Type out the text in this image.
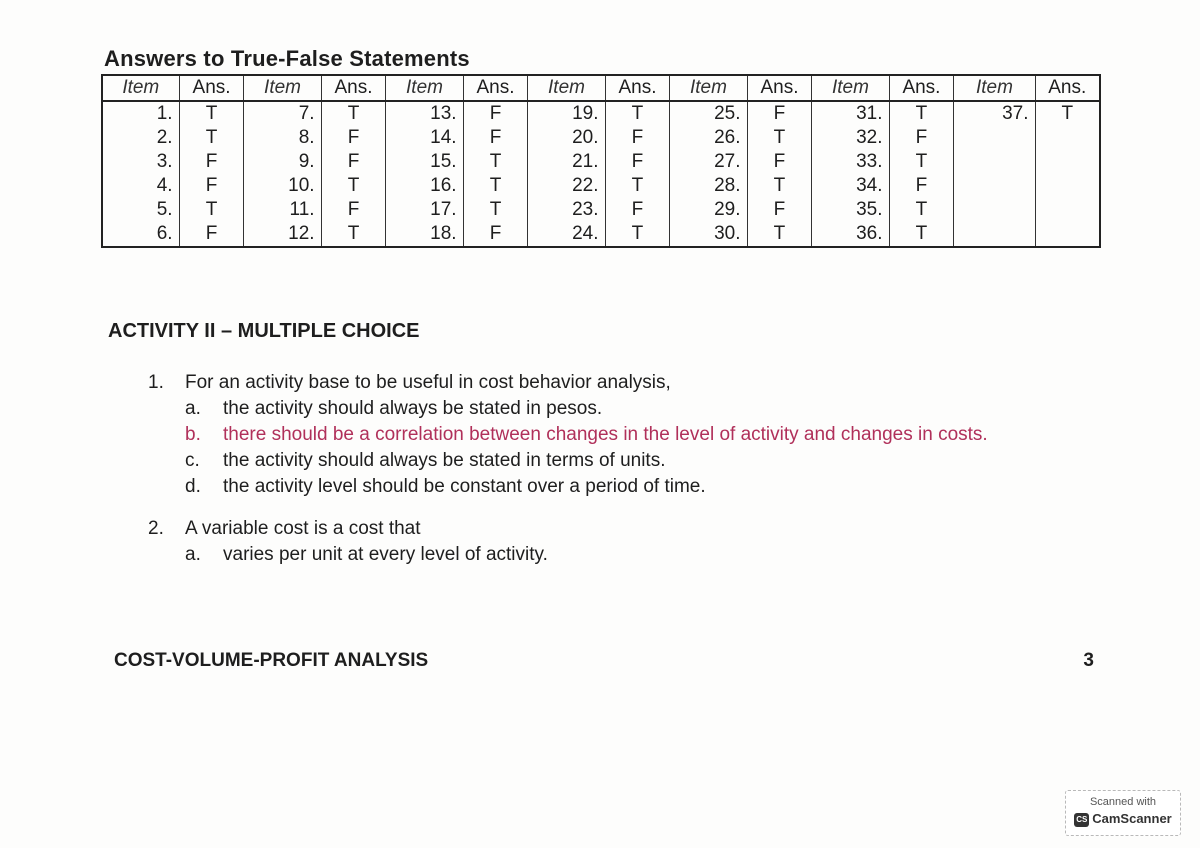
Answers to True-False Statements
Item	Ans.	Item	Ans.	Item	Ans.	Item	Ans.	Item	Ans.	Item	Ans.	Item	Ans.
1.	T	7.	T	13.	F	19.	T	25.	F	31.	T	37.	T
2.	T	8.	F	14.	F	20.	F	26.	T	32.	F		
3.	F	9.	F	15.	T	21.	F	27.	F	33.	T		
4.	F	10.	T	16.	T	22.	T	28.	T	34.	F		
5.	T	11.	F	17.	T	23.	F	29.	F	35.	T		
6.	F	12.	T	18.	F	24.	T	30.	T	36.	T		
ACTIVITY II – MULTIPLE CHOICE
1.	For an activity base to be useful in cost behavior analysis,
a. the activity should always be stated in pesos.
b. there should be a correlation between changes in the level of activity and changes in costs.
c. the activity should always be stated in terms of units.
d. the activity level should be constant over a period of time.
2.	A variable cost is a cost that
a. varies per unit at every level of activity.
COST-VOLUME-PROFIT ANALYSIS	3
Scanned with
CS CamScanner
